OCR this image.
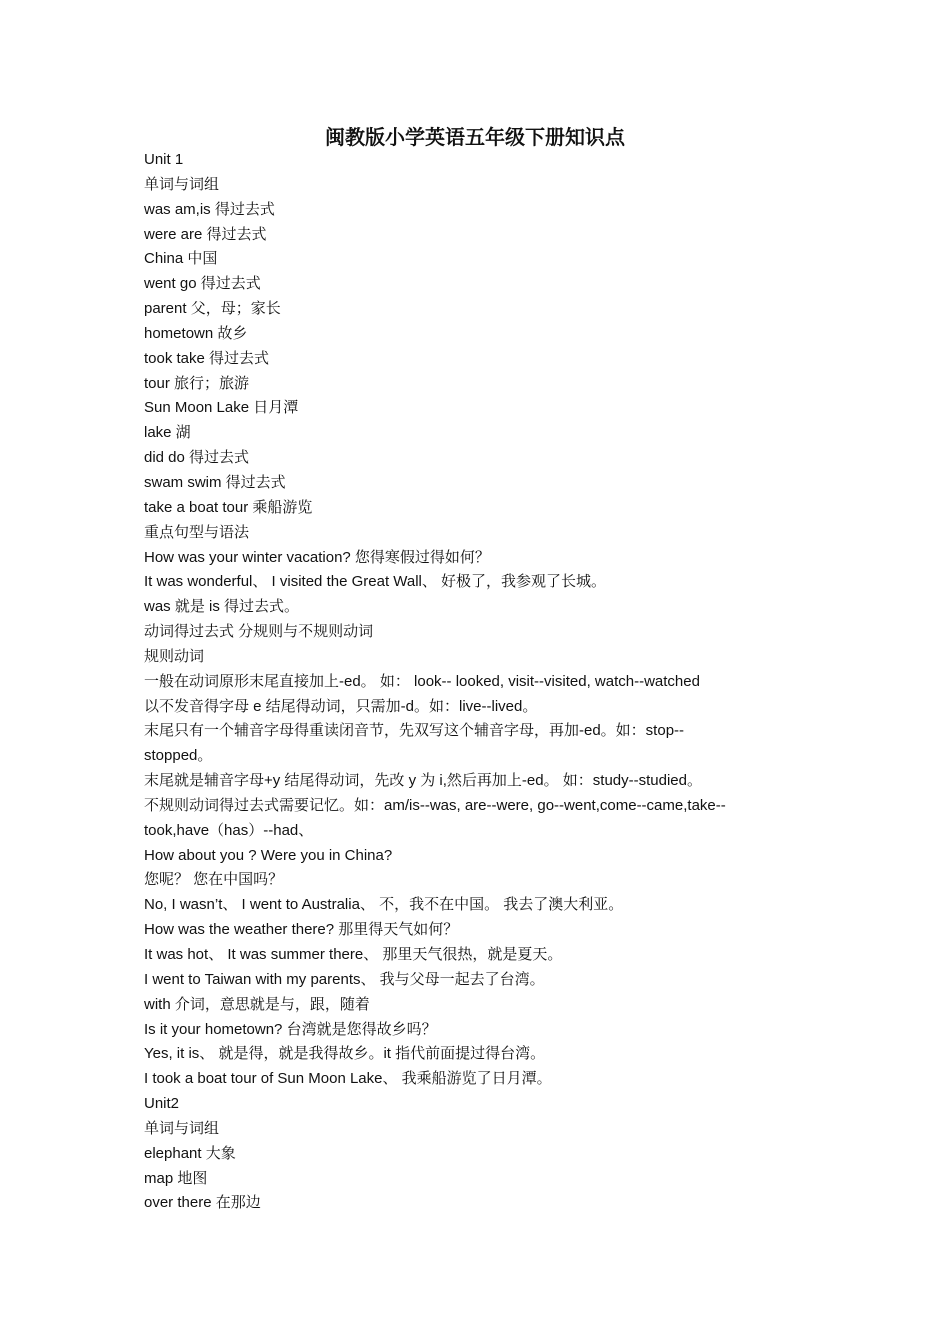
闽教版小学英语五年级下册知识点
Unit 1
单词与词组
was am,is 得过去式
were are 得过去式
China 中国
went go 得过去式
parent 父，母；家长
hometown 故乡
took take 得过去式
tour 旅行；旅游
Sun Moon Lake 日月潭
lake 湖
did do 得过去式
swam swim 得过去式
take a boat tour 乘船游览
重点句型与语法
How was your winter vacation? 您得寒假过得如何？
It was wonderful、 I visited the Great Wall、 好极了，我参观了长城。
was 就是 is 得过去式。
动词得过去式 分规则与不规则动词
规则动词
一般在动词原形末尾直接加上-ed。 如： look-- looked, visit--visited, watch--watched
以不发音得字母 e 结尾得动词，只需加-d。如：live--lived。
末尾只有一个辅音字母得重读闭音节，先双写这个辅音字母，再加-ed。如：stop--
stopped。
末尾就是辅音字母+y 结尾得动词，先改 y 为 i,然后再加上-ed。 如：study--studied。
不规则动词得过去式需要记忆。如：am/is--was, are--were, go--went,come--came,take--
took,have（has）--had、
How about you ? Were you in China?
您呢？ 您在中国吗？
No, I wasn’t、 I went to Australia、 不，我不在中国。 我去了澳大利亚。
How was the weather there? 那里得天气如何？
It was hot、 It was summer there、 那里天气很热，就是夏天。
I went to Taiwan with my parents、 我与父母一起去了台湾。
with 介词，意思就是与，跟，随着
Is it your hometown? 台湾就是您得故乡吗？
Yes, it is、 就是得，就是我得故乡。it 指代前面提过得台湾。
I took a boat tour of Sun Moon Lake、 我乘船游览了日月潭。
Unit2
单词与词组
elephant 大象
map 地图
over there 在那边
